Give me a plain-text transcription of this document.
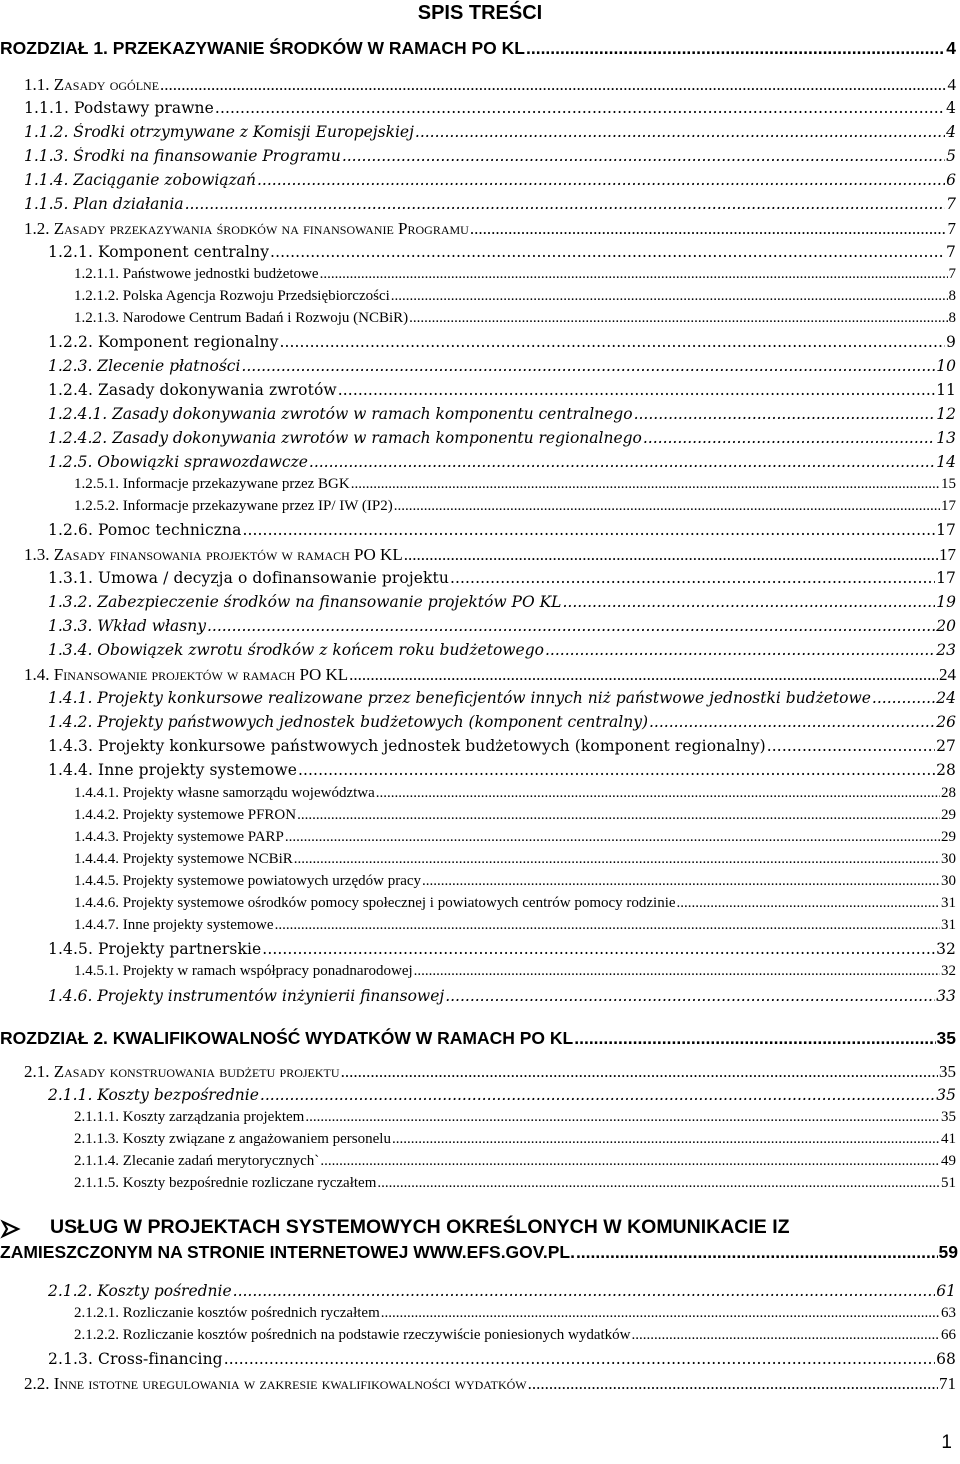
SPIS TREŚCI
ROZDZIAŁ 1. PRZEKAZYWANIE ŚRODKÓW W RAMACH PO KL .....	4
1.1. Zasady ogólne .....	4
1.1.1. Podstawy prawne .....	4
1.1.2. Środki otrzymywane z Komisji Europejskiej .....	4
1.1.3. Środki na finansowanie Programu .....	5
1.1.4. Zaciąganie zobowiązań .....	6
1.1.5. Plan działania .....	7
1.2. Zasady przekazywania środków na finansowanie Programu .....	7
1.2.1. Komponent centralny .....	7
1.2.1.1. Państwowe jednostki budżetowe .....	7
1.2.1.2. Polska Agencja Rozwoju Przedsiębiorczości .....	8
1.2.1.3. Narodowe Centrum Badań i Rozwoju (NCBiR) .....	8
1.2.2. Komponent regionalny .....	9
1.2.3. Zlecenie płatności .....	10
1.2.4. Zasady dokonywania zwrotów .....	11
1.2.4.1. Zasady dokonywania zwrotów w ramach komponentu centralnego .....	12
1.2.4.2. Zasady dokonywania zwrotów w ramach komponentu regionalnego .....	13
1.2.5. Obowiązki sprawozdawcze .....	14
1.2.5.1. Informacje przekazywane przez BGK .....	15
1.2.5.2. Informacje przekazywane przez IP/ IW (IP2) .....	17
1.2.6. Pomoc techniczna .....	17
1.3. Zasady finansowania projektów w ramach PO KL .....	17
1.3.1. Umowa / decyzja o dofinansowanie projektu .....	17
1.3.2. Zabezpieczenie środków na finansowanie projektów PO KL .....	19
1.3.3. Wkład własny .....	20
1.3.4. Obowiązek zwrotu środków z końcem roku budżetowego .....	23
1.4. Finansowanie projektów w ramach PO KL .....	24
1.4.1. Projekty konkursowe realizowane przez beneficjentów innych niż państwowe jednostki budżetowe .....	24
1.4.2. Projekty państwowych jednostek budżetowych (komponent centralny) .....	26
1.4.3. Projekty konkursowe państwowych jednostek budżetowych (komponent regionalny) .....	27
1.4.4. Inne projekty systemowe .....	28
1.4.4.1. Projekty własne samorządu województwa .....	28
1.4.4.2. Projekty systemowe PFRON .....	29
1.4.4.3. Projekty systemowe PARP .....	29
1.4.4.4. Projekty systemowe NCBiR .....	30
1.4.4.5. Projekty systemowe powiatowych urzędów pracy .....	30
1.4.4.6. Projekty systemowe ośrodków pomocy społecznej i powiatowych centrów pomocy rodzinie .....	31
1.4.4.7. Inne projekty systemowe .....	31
1.4.5. Projekty partnerskie .....	32
1.4.5.1. Projekty w ramach współpracy ponadnarodowej .....	32
1.4.6. Projekty instrumentów inżynierii finansowej .....	33
ROZDZIAŁ 2. KWALIFIKOWALNOŚĆ WYDATKÓW W RAMACH PO KL .....	35
2.1. Zasady konstruowania budżetu projektu .....	35
2.1.1. Koszty bezpośrednie .....	35
2.1.1.1. Koszty zarządzania projektem .....	35
2.1.1.3. Koszty związane z angażowaniem personelu .....	41
2.1.1.4. Zlecanie zadań merytorycznych` .....	49
2.1.1.5. Koszty bezpośrednie rozliczane ryczałtem .....	51
2.1.2. Koszty pośrednie .....	61
2.1.2.1. Rozliczanie kosztów pośrednich ryczałtem .....	63
2.1.2.2. Rozliczanie kosztów pośrednich na podstawie rzeczywiście poniesionych wydatków .....	66
2.1.3. Cross-financing .....	68
2.2. Inne istotne uregulowania w zakresie kwalifikowalności wydatków .....	71
USŁUG W PROJEKTACH SYSTEMOWYCH OKREŚLONYCH W KOMUNIKACIE IZ
ZAMIESZCZONYM NA STRONIE INTERNETOWEJ WWW.EFS.GOV.PL. .....	59
1
